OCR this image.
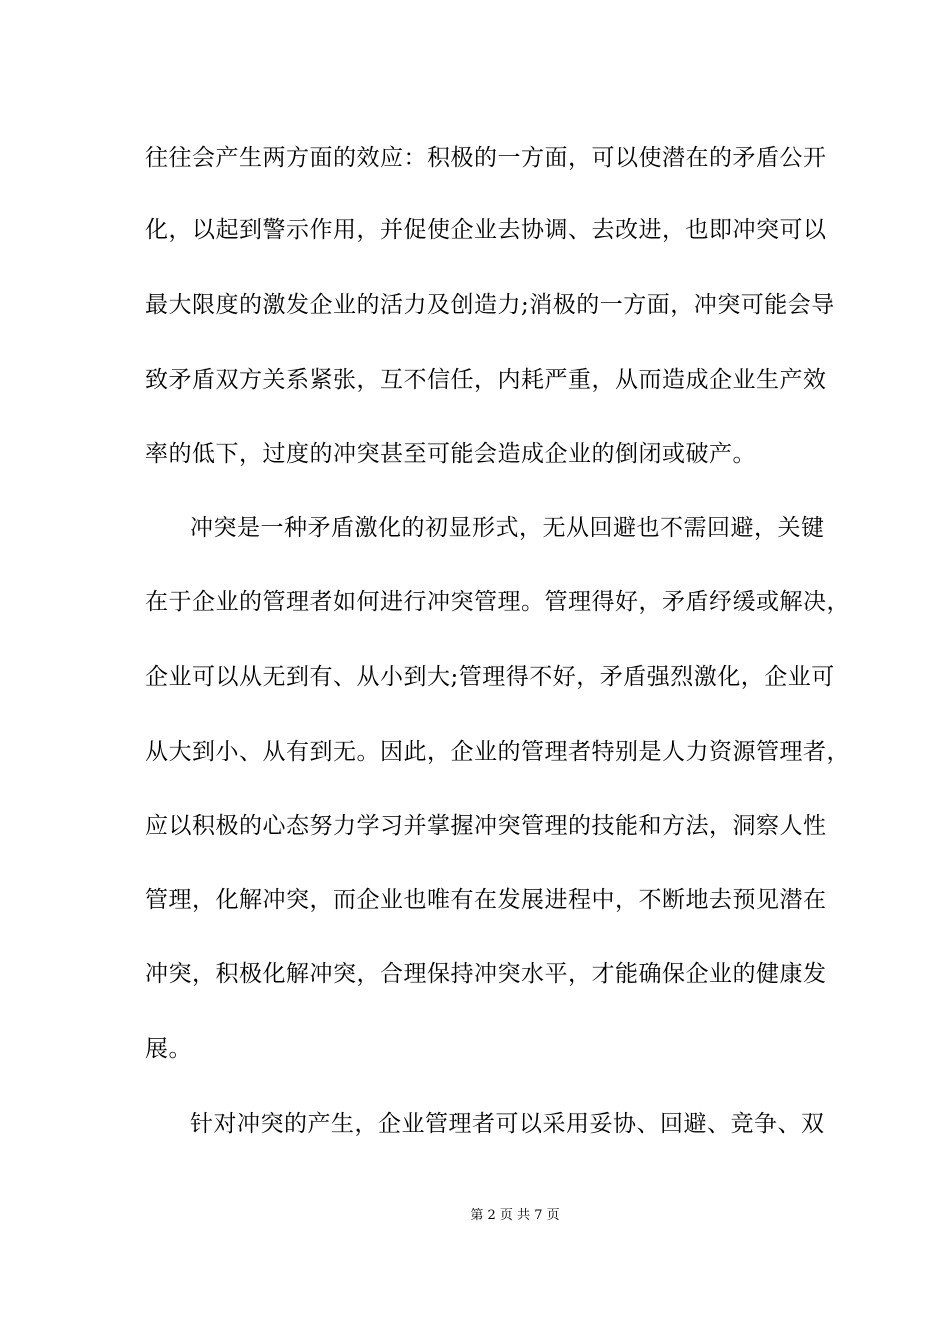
往往会产生两方面的效应：积极的一方面，可以使潜在的矛盾公开
化，以起到警示作用，并促使企业去协调、去改进，也即冲突可以
最大限度的激发企业的活力及创造力;消极的一方面，冲突可能会导
致矛盾双方关系紧张，互不信任，内耗严重，从而造成企业生产效
率的低下，过度的冲突甚至可能会造成企业的倒闭或破产。
冲突是一种矛盾激化的初显形式，无从回避也不需回避，关键
在于企业的管理者如何进行冲突管理。管理得好，矛盾纾缓或解决，
企业可以从无到有、从小到大;管理得不好，矛盾强烈激化，企业可
从大到小、从有到无。因此，企业的管理者特别是人力资源管理者，
应以积极的心态努力学习并掌握冲突管理的技能和方法，洞察人性
管理，化解冲突，而企业也唯有在发展进程中，不断地去预见潜在
冲突，积极化解冲突，合理保持冲突水平，才能确保企业的健康发
展。
针对冲突的产生，企业管理者可以采用妥协、回避、竞争、双
第 2 页 共 7 页
